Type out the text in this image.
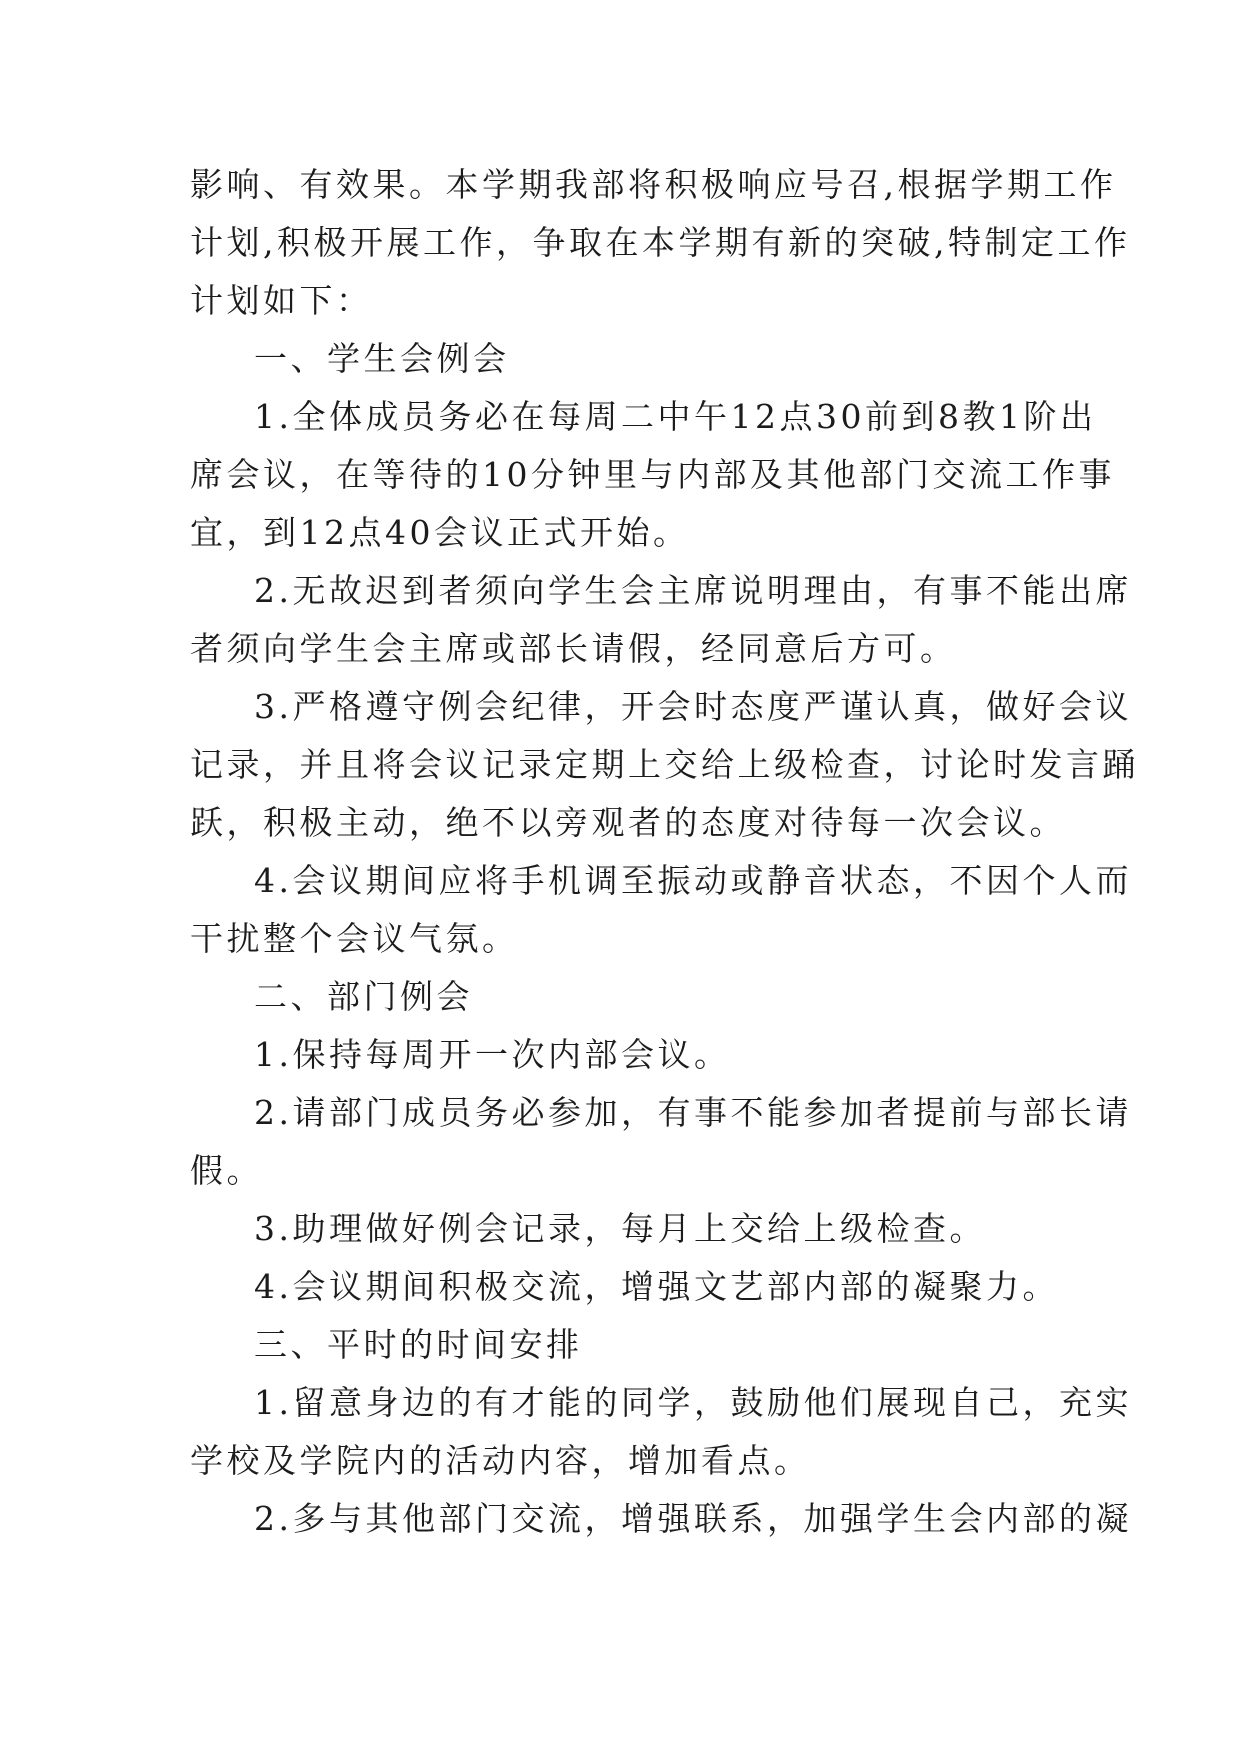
影响、有效果。本学期我部将积极响应号召,根据学期工作
计划,积极开展工作，争取在本学期有新的突破,特制定工作
计划如下：
一、学生会例会
1.全体成员务必在每周二中午12点30前到8教1阶出
席会议，在等待的10分钟里与内部及其他部门交流工作事
宜，到12点40会议正式开始。
2.无故迟到者须向学生会主席说明理由，有事不能出席
者须向学生会主席或部长请假，经同意后方可。
3.严格遵守例会纪律，开会时态度严谨认真，做好会议
记录，并且将会议记录定期上交给上级检查，讨论时发言踊
跃，积极主动，绝不以旁观者的态度对待每一次会议。
4.会议期间应将手机调至振动或静音状态，不因个人而
干扰整个会议气氛。
二、部门例会
1.保持每周开一次内部会议。
2.请部门成员务必参加，有事不能参加者提前与部长请
假。
3.助理做好例会记录，每月上交给上级检查。
4.会议期间积极交流，增强文艺部内部的凝聚力。
三、平时的时间安排
1.留意身边的有才能的同学，鼓励他们展现自己，充实
学校及学院内的活动内容，增加看点。
2.多与其他部门交流，增强联系，加强学生会内部的凝
